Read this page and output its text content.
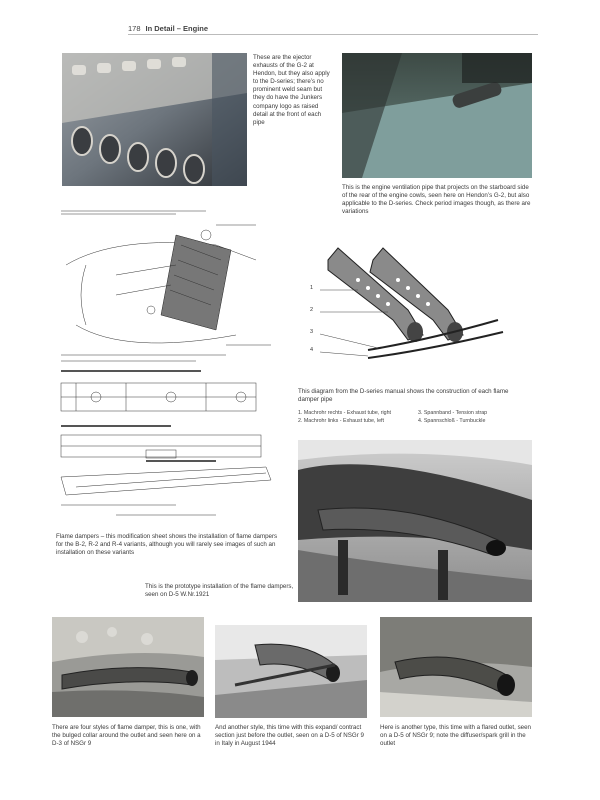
178 In Detail – Engine
These are the ejector exhausts of the G-2 at Hendon, but they also apply to the D-series; there’s no prominent weld seam but they do have the Junkers company logo as raised detail at the front of each pipe
This is the engine ventilation pipe that projects on the starboard side of the rear of the engine cowls, seen here on Hendon’s G-2, but also applicable to the D-series. Check period images though, as there are variations
Flame dampers – this modification sheet shows the installation of flame dampers for the B-2, R-2 and R-4 variants, although you will rarely see images of such an installation on these variants
This is the prototype installation of the flame dampers, seen on D-5 W.Nr.1921
1
2
3
4
This diagram from the D-series manual shows the construction of each flame damper pipe
1. Machrohr rechts - Exhaust tube, right
2. Machrohr links - Exhaust tube, left
3. Spannband - Tension strap
4. Spannschloß - Turnbuckle
There are four styles of flame damper, this is one, with the bulged collar around the outlet and seen here on a D-3 of NSGr 9
And another style, this time with this expand/ contract section just before the outlet, seen on a D-5 of NSGr 9 in Italy in August 1944
Here is another type, this time with a flared outlet, seen on a D-5 of NSGr 9; note the diffuser/spark grill in the outlet
